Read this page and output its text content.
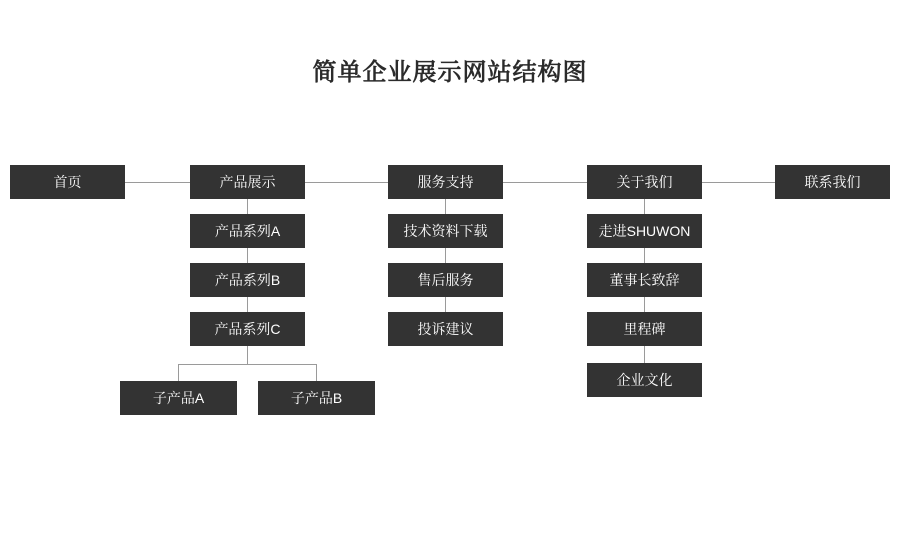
简单企业展示网站结构图
首页	产品展示	服务支持	关于我们	联系我们
产品系列A
产品系列B
产品系列C
子产品A	子产品B
技术资料下载
售后服务
投诉建议
走进SHUWON
董事长致辞
里程碑
企业文化
